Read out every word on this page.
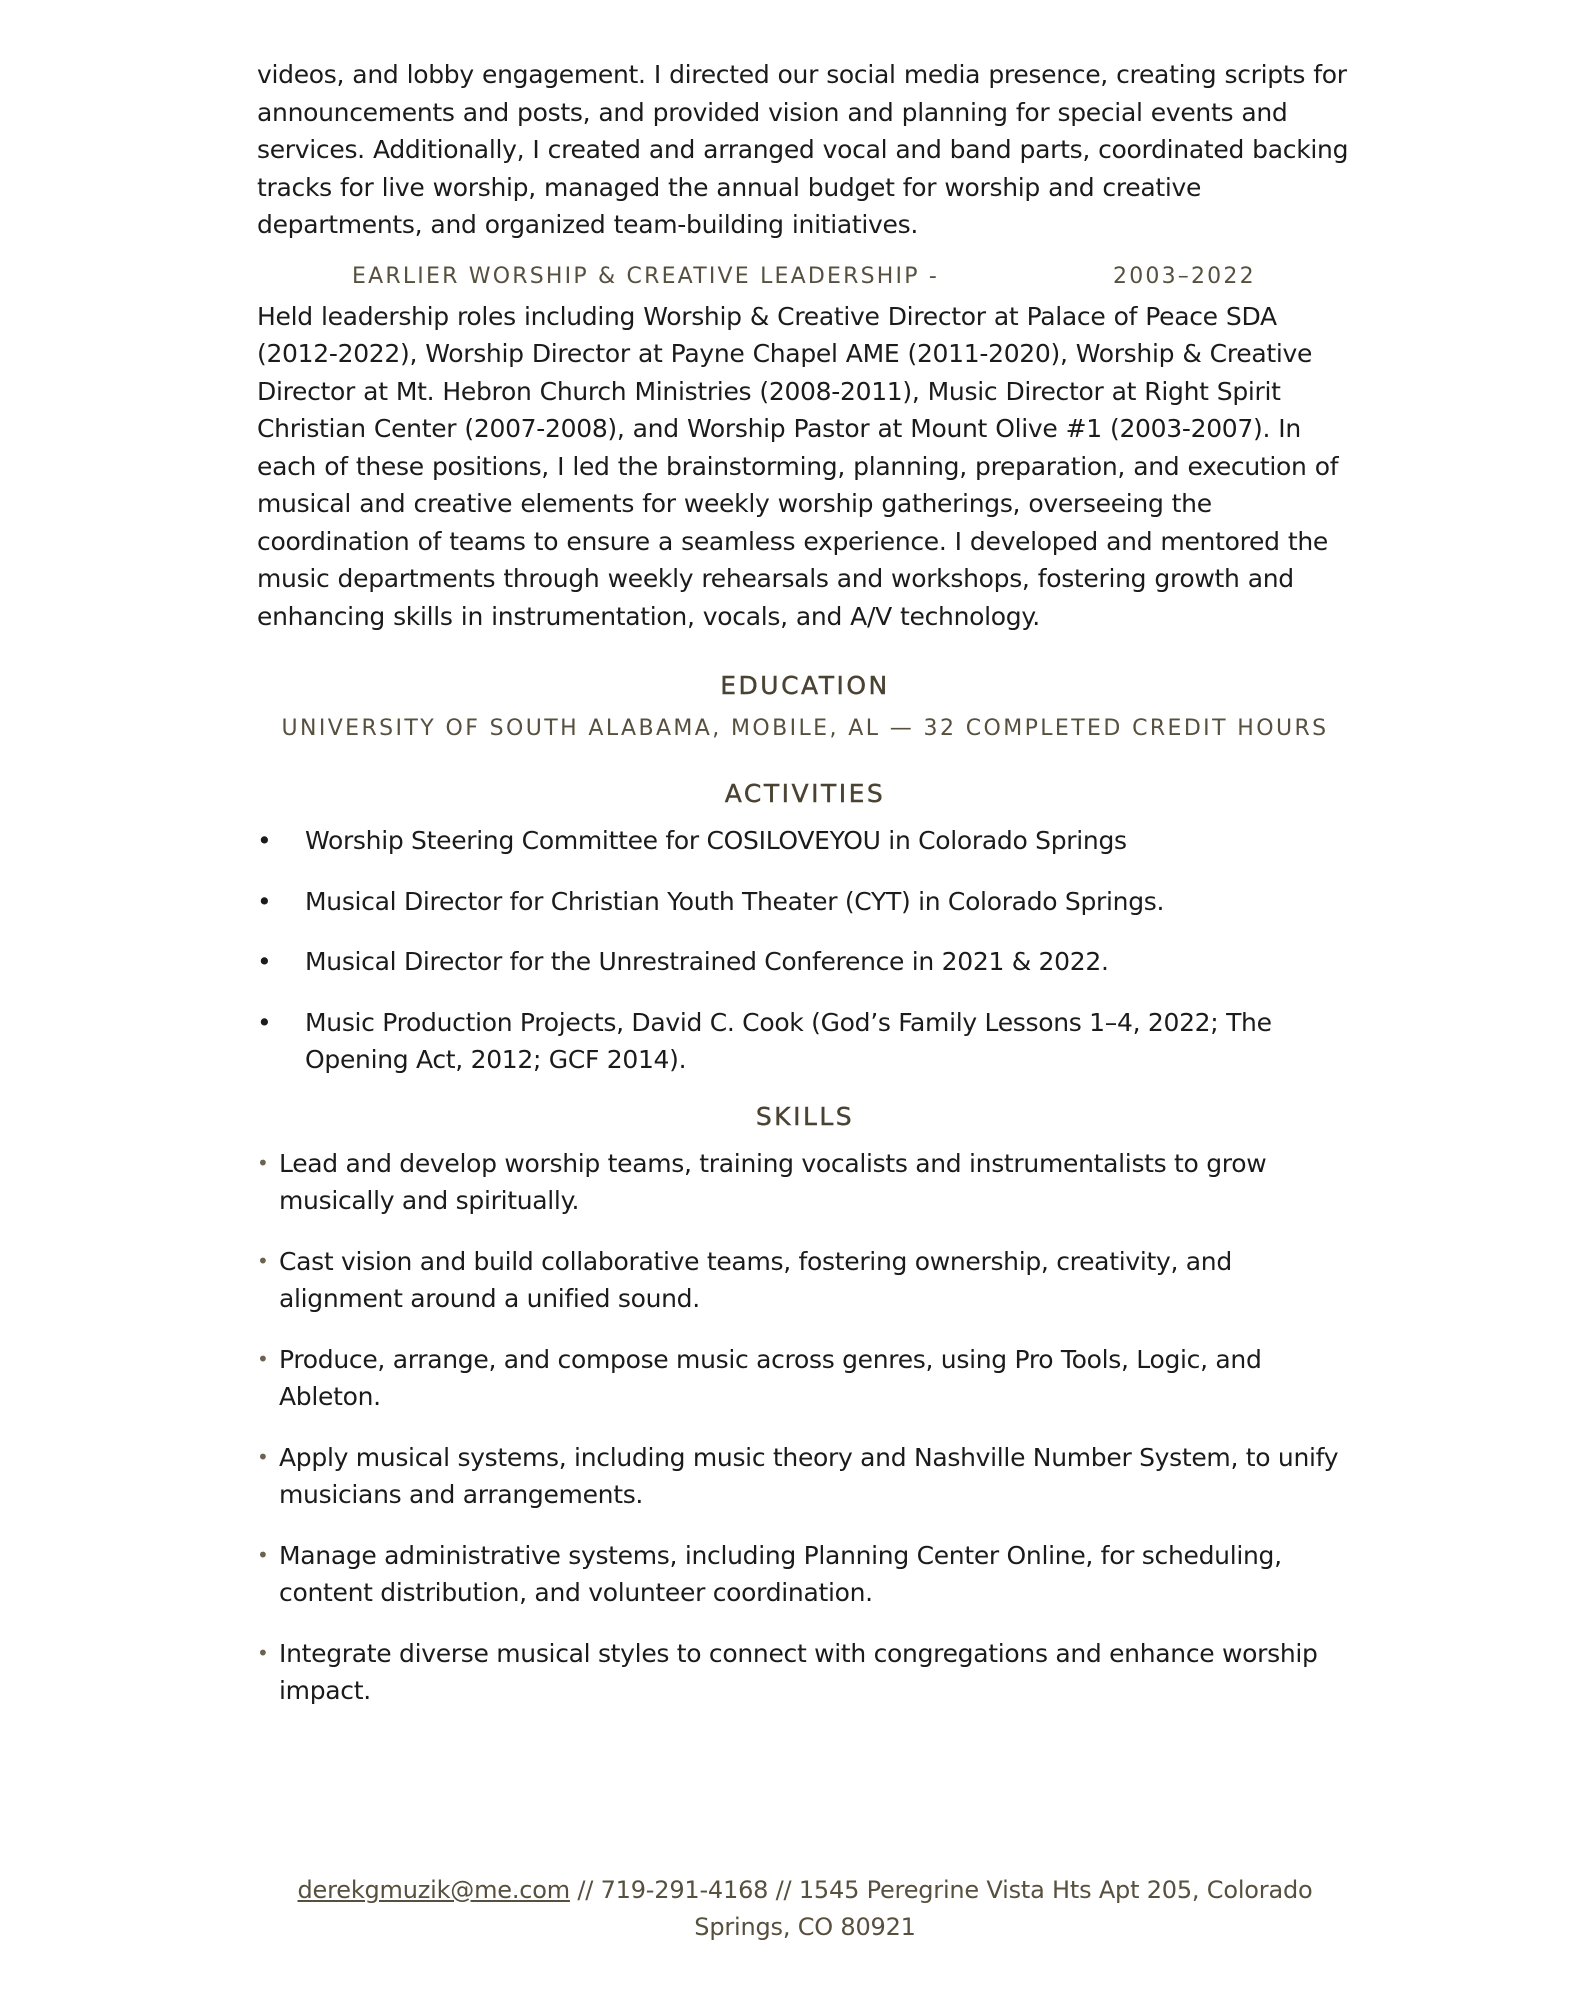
videos, and lobby engagement. I directed our social media presence, creating scripts for announcements and posts, and provided vision and planning for special events and services. Additionally, I created and arranged vocal and band parts, coordinated backing tracks for live worship, managed the annual budget for worship and creative departments, and organized team-building initiatives.

EARLIER WORSHIP & CREATIVE LEADERSHIP -	2003–2022

Held leadership roles including Worship & Creative Director at Palace of Peace SDA (2012-2022), Worship Director at Payne Chapel AME (2011-2020), Worship & Creative Director at Mt. Hebron Church Ministries (2008-2011), Music Director at Right Spirit Christian Center (2007-2008), and Worship Pastor at Mount Olive #1 (2003-2007). In each of these positions, I led the brainstorming, planning, preparation, and execution of musical and creative elements for weekly worship gatherings, overseeing the coordination of teams to ensure a seamless experience. I developed and mentored the music departments through weekly rehearsals and workshops, fostering growth and enhancing skills in instrumentation, vocals, and A/V technology.

EDUCATION
UNIVERSITY OF SOUTH ALABAMA, MOBILE, AL — 32 COMPLETED CREDIT HOURS
ACTIVITIES
• Worship Steering Committee for COSILOVEYOU in Colorado Springs
• Musical Director for Christian Youth Theater (CYT) in Colorado Springs.
• Musical Director for the Unrestrained Conference in 2021 & 2022.
• Music Production Projects, David C. Cook (God’s Family Lessons 1–4, 2022; The Opening Act, 2012; GCF 2014).
SKILLS
• Lead and develop worship teams, training vocalists and instrumentalists to grow musically and spiritually.
• Cast vision and build collaborative teams, fostering ownership, creativity, and alignment around a unified sound.
• Produce, arrange, and compose music across genres, using Pro Tools, Logic, and Ableton.
• Apply musical systems, including music theory and Nashville Number System, to unify musicians and arrangements.
• Manage administrative systems, including Planning Center Online, for scheduling, content distribution, and volunteer coordination.
• Integrate diverse musical styles to connect with congregations and enhance worship impact.
derekgmuzik@me.com // 719-291-4168 // 1545 Peregrine Vista Hts Apt 205, Colorado Springs, CO 80921
